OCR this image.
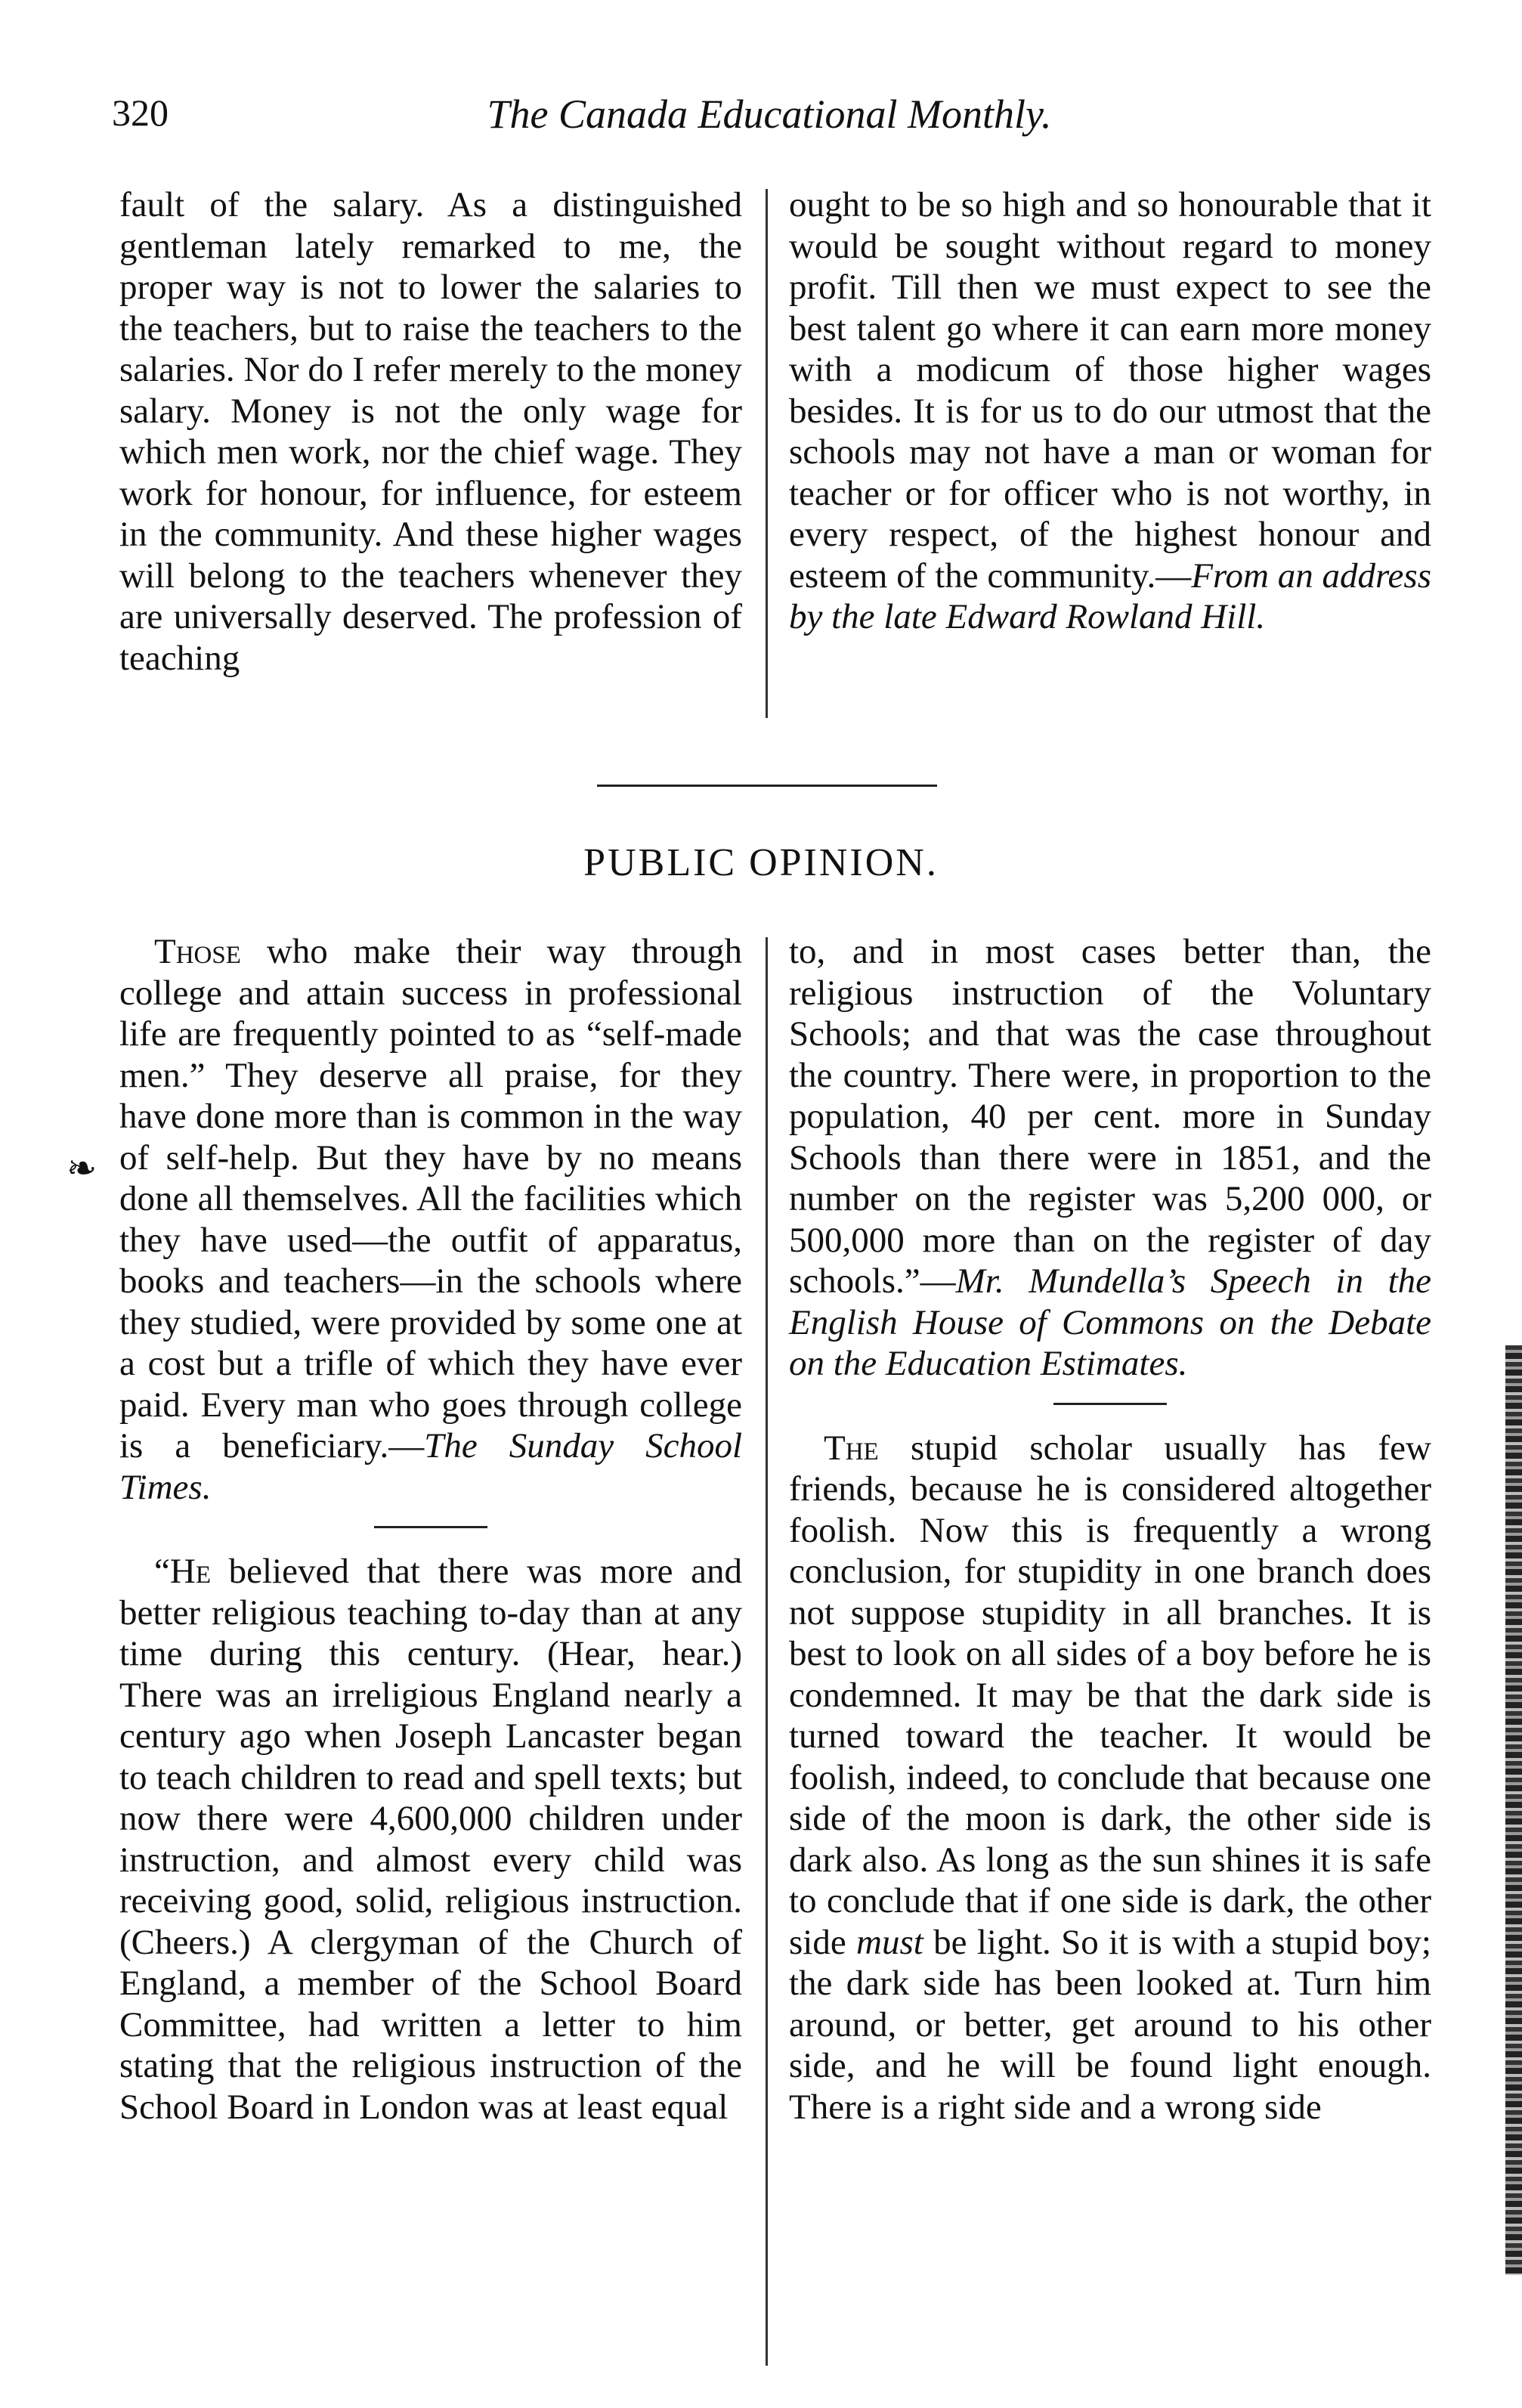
320	The Canada Educational Monthly.

fault of the salary. As a distinguished gentleman lately remarked to me, the proper way is not to lower the salaries to the teachers, but to raise the teachers to the salaries. Nor do I refer merely to the money salary. Money is not the only wage for which men work, nor the chief wage. They work for honour, for influence, for esteem in the community. And these higher wages will belong to the teachers whenever they are universally deserved. The profession of teaching

ought to be so high and so honourable that it would be sought without regard to money profit. Till then we must expect to see the best talent go where it can earn more money with a modicum of those higher wages besides. It is for us to do our utmost that the schools may not have a man or woman for teacher or for officer who is not worthy, in every respect, of the highest honour and esteem of the community.—From an address by the late Edward Rowland Hill.

PUBLIC OPINION.

Those who make their way through college and attain success in professional life are frequently pointed to as “self-made men.” They deserve all praise, for they have done more than is common in the way of self-help. But they have by no means done all themselves. All the facilities which they have used—the outfit of apparatus, books and teachers—in the schools where they studied, were provided by some one at a cost but a trifle of which they have ever paid. Every man who goes through college is a beneficiary.—The Sunday School Times.

“He believed that there was more and better religious teaching to-day than at any time during this century. (Hear, hear.) There was an irreligious England nearly a century ago when Joseph Lancaster began to teach children to read and spell texts; but now there were 4,600,000 children under instruction, and almost every child was receiving good, solid, religious instruction. (Cheers.) A clergyman of the Church of England, a member of the School Board Committee, had written a letter to him stating that the religious instruction of the School Board in London was at least equal

to, and in most cases better than, the religious instruction of the Voluntary Schools; and that was the case throughout the country. There were, in proportion to the population, 40 per cent. more in Sunday Schools than there were in 1851, and the number on the register was 5,200 000, or 500,000 more than on the register of day schools.”—Mr. Mundella’s Speech in the English House of Commons on the Debate on the Education Estimates.

The stupid scholar usually has few friends, because he is considered altogether foolish. Now this is frequently a wrong conclusion, for stupidity in one branch does not suppose stupidity in all branches. It is best to look on all sides of a boy before he is condemned. It may be that the dark side is turned toward the teacher. It would be foolish, indeed, to conclude that because one side of the moon is dark, the other side is dark also. As long as the sun shines it is safe to conclude that if one side is dark, the other side must be light. So it is with a stupid boy; the dark side has been looked at. Turn him around, or better, get around to his other side, and he will be found light enough. There is a right side and a wrong side

❧
